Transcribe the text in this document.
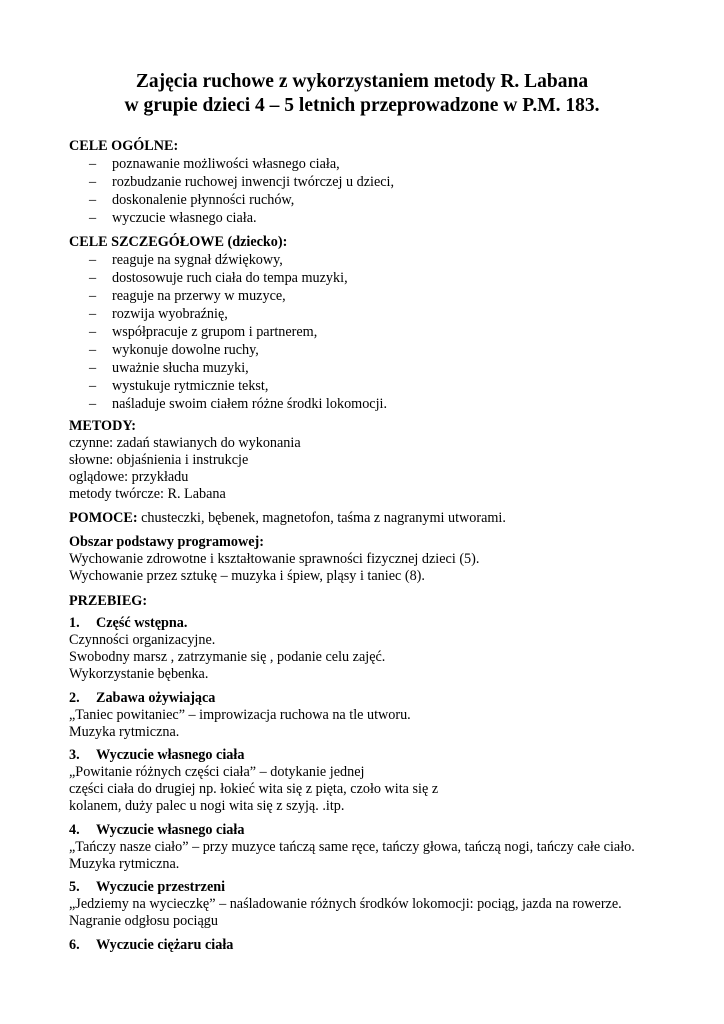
Zajęcia ruchowe z wykorzystaniem metody R. Labana
w grupie dzieci 4 – 5 letnich przeprowadzone w P.M. 183.
CELE OGÓLNE:
– poznawanie możliwości własnego ciała,
– rozbudzanie ruchowej inwencji twórczej u dzieci,
– doskonalenie płynności ruchów,
– wyczucie własnego ciała.
CELE SZCZEGÓŁOWE (dziecko):
– reaguje na sygnał dźwiękowy,
– dostosowuje ruch ciała do tempa muzyki,
– reaguje na przerwy w muzyce,
– rozwija wyobraźnię,
– współpracuje z grupom i partnerem,
– wykonuje dowolne ruchy,
– uważnie słucha muzyki,
– wystukuje rytmicznie tekst,
– naśladuje swoim ciałem różne środki lokomocji.
METODY:
czynne: zadań stawianych do wykonania
słowne: objaśnienia i instrukcje
oglądowe: przykładu
metody twórcze: R. Labana
POMOCE: chusteczki, bębenek, magnetofon, taśma z nagranymi utworami.
Obszar podstawy programowej:
Wychowanie zdrowotne i kształtowanie sprawności fizycznej dzieci (5).
Wychowanie przez sztukę – muzyka i śpiew, pląsy i taniec (8).
PRZEBIEG:
1. Część wstępna.
Czynności organizacyjne.
Swobodny marsz , zatrzymanie się , podanie celu zajęć.
Wykorzystanie bębenka.
2. Zabawa ożywiająca
„Taniec powitaniec” – improwizacja ruchowa na tle utworu.
Muzyka rytmiczna.
3. Wyczucie własnego ciała
„Powitanie różnych części ciała” – dotykanie jednej
części ciała do drugiej np. łokieć wita się z pięta, czoło wita się z
kolanem, duży palec u nogi wita się z szyją. .itp.
4. Wyczucie własnego ciała
„Tańczy nasze ciało” – przy muzyce tańczą same ręce, tańczy głowa, tańczą nogi, tańczy całe ciało.
Muzyka rytmiczna.
5. Wyczucie przestrzeni
„Jedziemy na wycieczkę” – naśladowanie różnych środków lokomocji: pociąg, jazda na rowerze.
Nagranie odgłosu pociągu
6. Wyczucie ciężaru ciała
